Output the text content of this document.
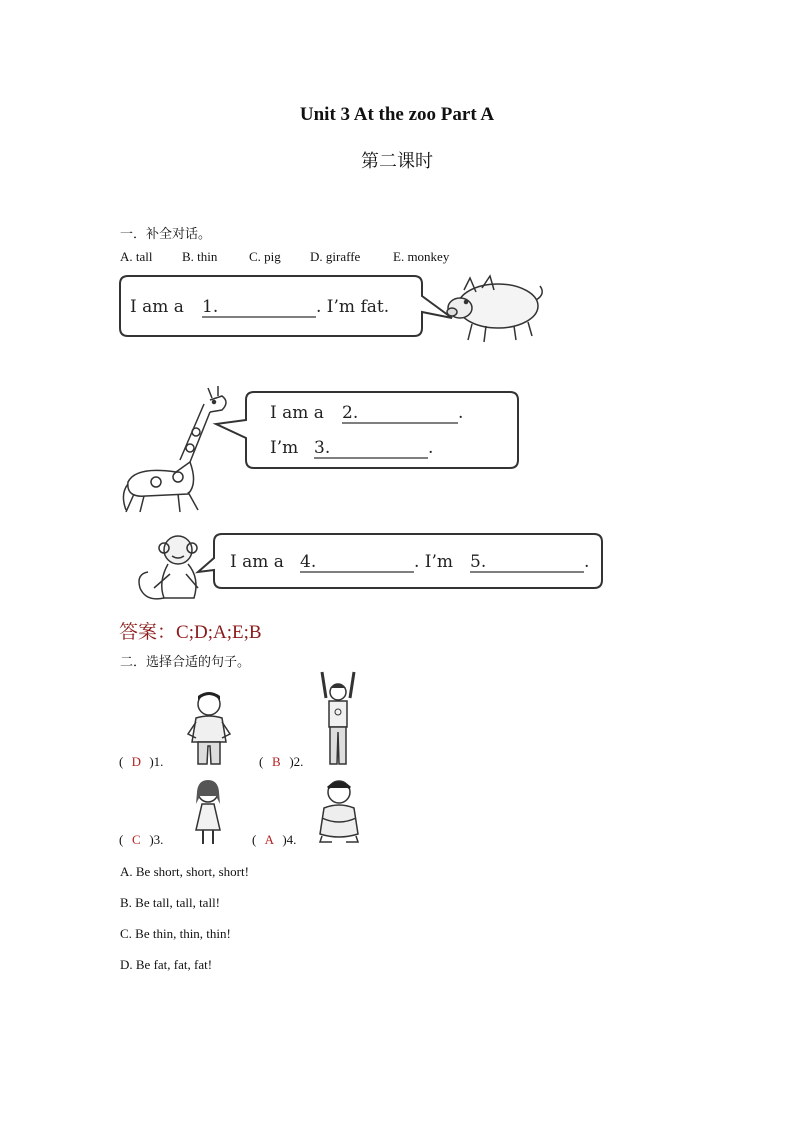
Unit 3 At the zoo Part A
第二课时
一．补全对话。
A. tall B. thin C. pig D. giraffe	E. monkey
I am a 1.	. I’m fat.
I am a 2.	.
I’m 3.	.
I am a 4.	. I’m 5.	.
答案：C;D;A;E;B
二．选择合适的句子。
( D )1.	( B )2.
( C )3.	( A )4.
A. Be short, short, short!
B. Be tall, tall, tall!
C. Be thin, thin, thin!
D. Be fat, fat, fat!
